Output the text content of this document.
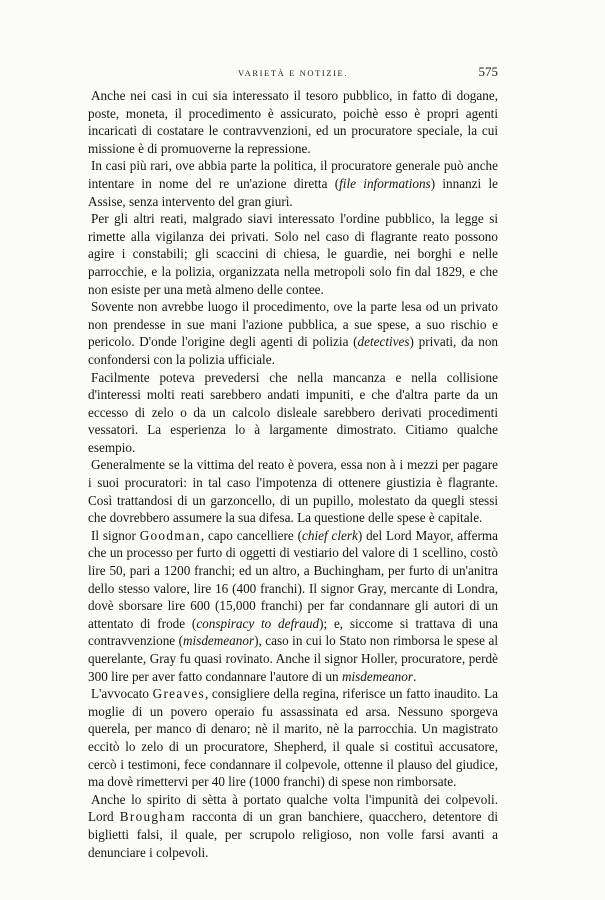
VARIETÀ E NOTIZIE.	575

Anche nei casi in cui sia interessato il tesoro pubblico, in fatto di dogane, poste, moneta, il procedimento è assicurato, poichè esso è propri agenti incaricati di costatare le contravvenzioni, ed un procuratore speciale, la cui missione è di promuoverne la repressione.

In casi più rari, ove abbia parte la politica, il procuratore generale può anche intentare in nome del re un'azione diretta (file informations) innanzi le Assise, senza intervento del gran giurì.

Per gli altri reati, malgrado siavi interessato l'ordine pubblico, la legge si rimette alla vigilanza dei privati. Solo nel caso di flagrante reato possono agire i constabili; gli scaccini di chiesa, le guardie, nei borghi e nelle parrocchie, e la polizia, organizzata nella metropoli solo fin dal 1829, e che non esiste per una metà almeno delle contee.

Sovente non avrebbe luogo il procedimento, ove la parte lesa od un privato non prendesse in sue mani l'azione pubblica, a sue spese, a suo rischio e pericolo. D'onde l'origine degli agenti di polizia (detectives) privati, da non confondersi con la polizia ufficiale.

Facilmente poteva prevedersi che nella mancanza e nella collisione d'interessi molti reati sarebbero andati impuniti, e che d'altra parte da un eccesso di zelo o da un calcolo disleale sarebbero derivati procedimenti vessatori. La esperienza lo à largamente dimostrato. Citiamo qualche esempio.

Generalmente se la vittima del reato è povera, essa non à i mezzi per pagare i suoi procuratori: in tal caso l'impotenza di ottenere giustizia è flagrante. Così trattandosi di un garzoncello, di un pupillo, molestato da quegli stessi che dovrebbero assumere la sua difesa. La questione delle spese è capitale.

Il signor Goodman, capo cancelliere (chief clerk) del Lord Mayor, afferma che un processo per furto di oggetti di vestiario del valore di 1 scellino, costò lire 50, pari a 1200 franchi; ed un altro, a Buchingham, per furto di un'anitra dello stesso valore, lire 16 (400 franchi). Il signor Gray, mercante di Londra, dovè sborsare lire 600 (15,000 franchi) per far condannare gli autori di un attentato di frode (conspiracy to defraud); e, siccome si trattava di una contravvenzione (misdemeanor), caso in cui lo Stato non rimborsa le spese al querelante, Gray fu quasi rovinato. Anche il signor Holler, procuratore, perdè 300 lire per aver fatto condannare l'autore di un misdemeanor.

L'avvocato Greaves, consigliere della regina, riferisce un fatto inaudito. La moglie di un povero operaio fu assassinata ed arsa. Nessuno sporgeva querela, per manco di denaro; nè il marito, nè la parrocchia. Un magistrato eccitò lo zelo di un procuratore, Shepherd, il quale si costituì accusatore, cercò i testimoni, fece condannare il colpevole, ottenne il plauso del giudice, ma dovè rimettervi per 40 lire (1000 franchi) di spese non rimborsate.

Anche lo spirito di sètta à portato qualche volta l'impunità dei colpevoli. Lord Brougham racconta di un gran banchiere, quacchero, detentore di biglietti falsi, il quale, per scrupolo religioso, non volle farsi avanti a denunciare i colpevoli.
